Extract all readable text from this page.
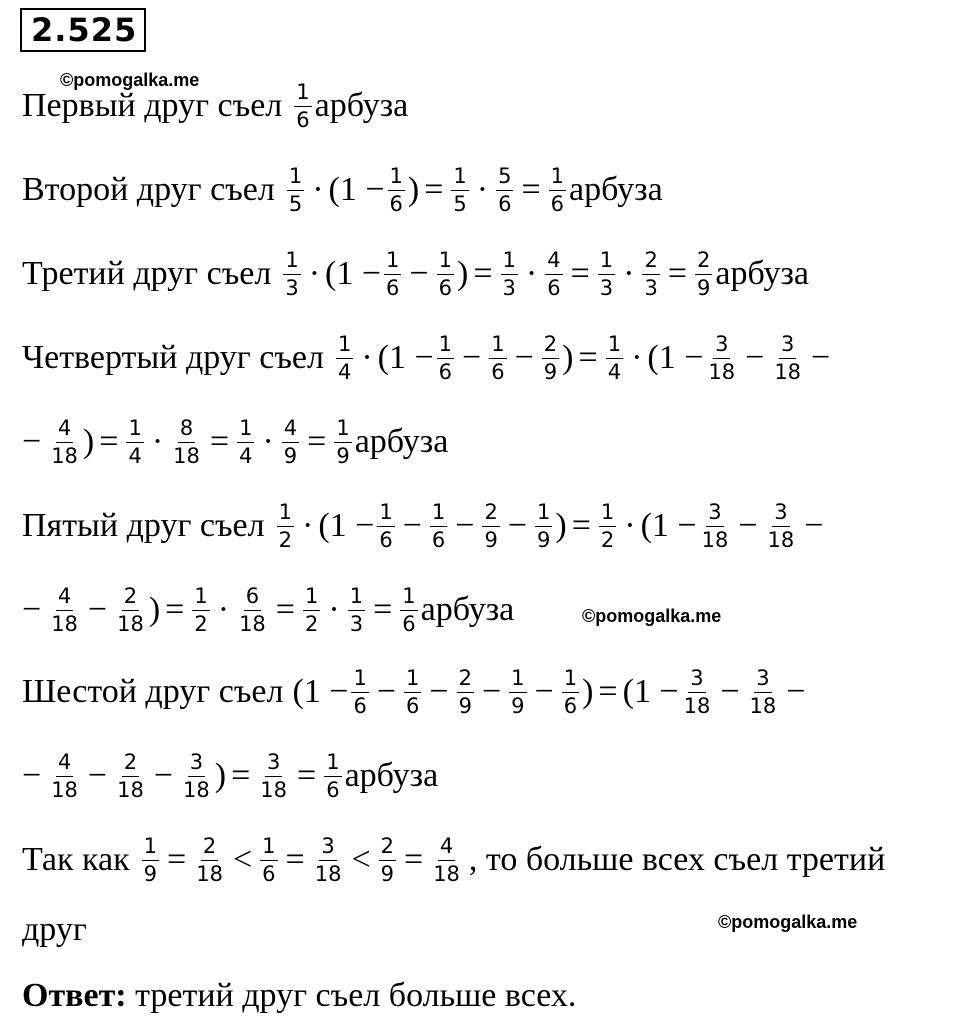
2.525
©pomogalka.me
©pomogalka.me
©pomogalka.me
Первый друг съел $\frac{1}{6}$ арбуза
Второй друг съел $\frac{1}{5} \cdot (1 - \frac{1}{6}$ ) = $\frac{1}{5} \cdot \frac{5}{6} = \frac{1}{6}$ арбуза
Третий друг съел $\frac{1}{3} \cdot (1 - \frac{1}{6} - \frac{1}{6}$ ) = $\frac{1}{3} \cdot \frac{4}{6} = \frac{1}{3} \cdot \frac{2}{3} = \frac{2}{9}$ арбуза
Четвертый друг съел $\frac{1}{4} \cdot (1 - \frac{1}{6} - \frac{1}{6} - \frac{2}{9}$ ) = $\frac{1}{4} \cdot (1 - \frac{3}{18} - \frac{3}{18}$ −
− $\frac{4}{18}$ ) = $\frac{1}{4} \cdot \frac{8}{18} = \frac{1}{4} \cdot \frac{4}{9} = \frac{1}{9}$ арбуза
Пятый друг съел $\frac{1}{2} \cdot (1 - \frac{1}{6} - \frac{1}{6} - \frac{2}{9} - \frac{1}{9}$ ) = $\frac{1}{2} \cdot (1 - \frac{3}{18} - \frac{3}{18}$ −
− $\frac{4}{18} - \frac{2}{18}$ ) = $\frac{1}{2} \cdot \frac{6}{18} = \frac{1}{2} \cdot \frac{1}{3} = \frac{1}{6}$ арбуза
Шестой друг съел ($1 - \frac{1}{6} - \frac{1}{6} - \frac{2}{9} - \frac{1}{9} - \frac{1}{6}$ ) = ($1 - \frac{3}{18} - \frac{3}{18}$ −
− $\frac{4}{18} - \frac{2}{18} - \frac{3}{18}$ ) = $\frac{3}{18} = \frac{1}{6}$ арбуза
Так как $\frac{1}{9} = \frac{2}{18} < \frac{1}{6} = \frac{3}{18} < \frac{2}{9} = \frac{4}{18}$ , то больше всех съел третий
друг
Ответ: третий друг съел больше всех.
